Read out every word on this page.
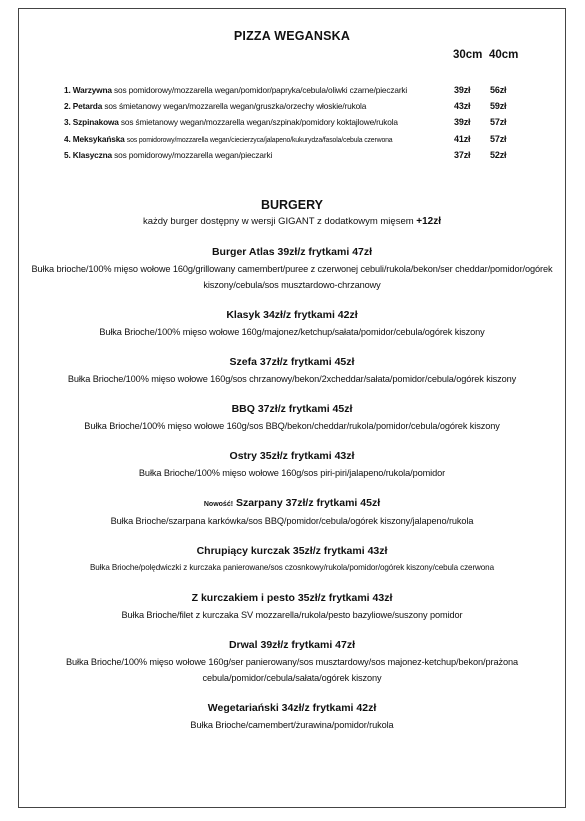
PIZZA WEGANSKA
30cm 40cm
1. Warzywna sos pomidorowy/mozzarella wegan/pomidor/papryka/cebula/oliwki czarne/pieczarki	39zł 56zł
2. Petarda sos śmietanowy wegan/mozzarella wegan/gruszka/orzechy włoskie/rukola	43zł 59zł
3. Szpinakowa sos śmietanowy wegan/mozzarella wegan/szpinak/pomidory koktajlowe/rukola	39zł 57zł
4. Meksykańska sos pomidorowy/mozzarella wegan/ciecierzyca/jalapeno/kukurydza/fasola/cebula czerwona	41zł 57zł
5. Klasyczna sos pomidorowy/mozzarella wegan/pieczarki	37zł 52zł
BURGERY
każdy burger dostępny w wersji GIGANT z dodatkowym mięsem +12zł
Burger Atlas 39zł/z frytkami 47zł
Bułka brioche/100% mięso wołowe 160g/grillowany camembert/puree z czerwonej cebuli/rukola/bekon/ser cheddar/pomidor/ogórek kiszony/cebula/sos musztardowo-chrzanowy
Klasyk 34zł/z frytkami 42zł
Bułka Brioche/100% mięso wołowe 160g/majonez/ketchup/sałata/pomidor/cebula/ogórek kiszony
Szefa 37zł/z frytkami 45zł
Bułka Brioche/100% mięso wołowe 160g/sos chrzanowy/bekon/2xcheddar/sałata/pomidor/cebula/ogórek kiszony
BBQ 37zł/z frytkami 45zł
Bułka Brioche/100% mięso wołowe 160g/sos BBQ/bekon/cheddar/rukola/pomidor/cebula/ogórek kiszony
Ostry 35zł/z frytkami 43zł
Bułka Brioche/100% mięso wołowe 160g/sos piri-piri/jalapeno/rukola/pomidor
Nowość! Szarpany 37zł/z frytkami 45zł
Bułka Brioche/szarpana karkówka/sos BBQ/pomidor/cebula/ogórek kiszony/jalapeno/rukola
Chrupiący kurczak 35zł/z frytkami 43zł
Bułka Brioche/polędwiczki z kurczaka panierowane/sos czosnkowy/rukola/pomidor/ogórek kiszony/cebula czerwona
Z kurczakiem i pesto 35zł/z frytkami 43zł
Bułka Brioche/filet z kurczaka SV mozzarella/rukola/pesto bazyliowe/suszony pomidor
Drwal 39zł/z frytkami 47zł
Bułka Brioche/100% mięso wołowe 160g/ser panierowany/sos musztardowy/sos majonez-ketchup/bekon/prażona cebula/pomidor/cebula/sałata/ogórek kiszony
Wegetariański 34zł/z frytkami 42zł
Bułka Brioche/camembert/żurawina/pomidor/rukola
